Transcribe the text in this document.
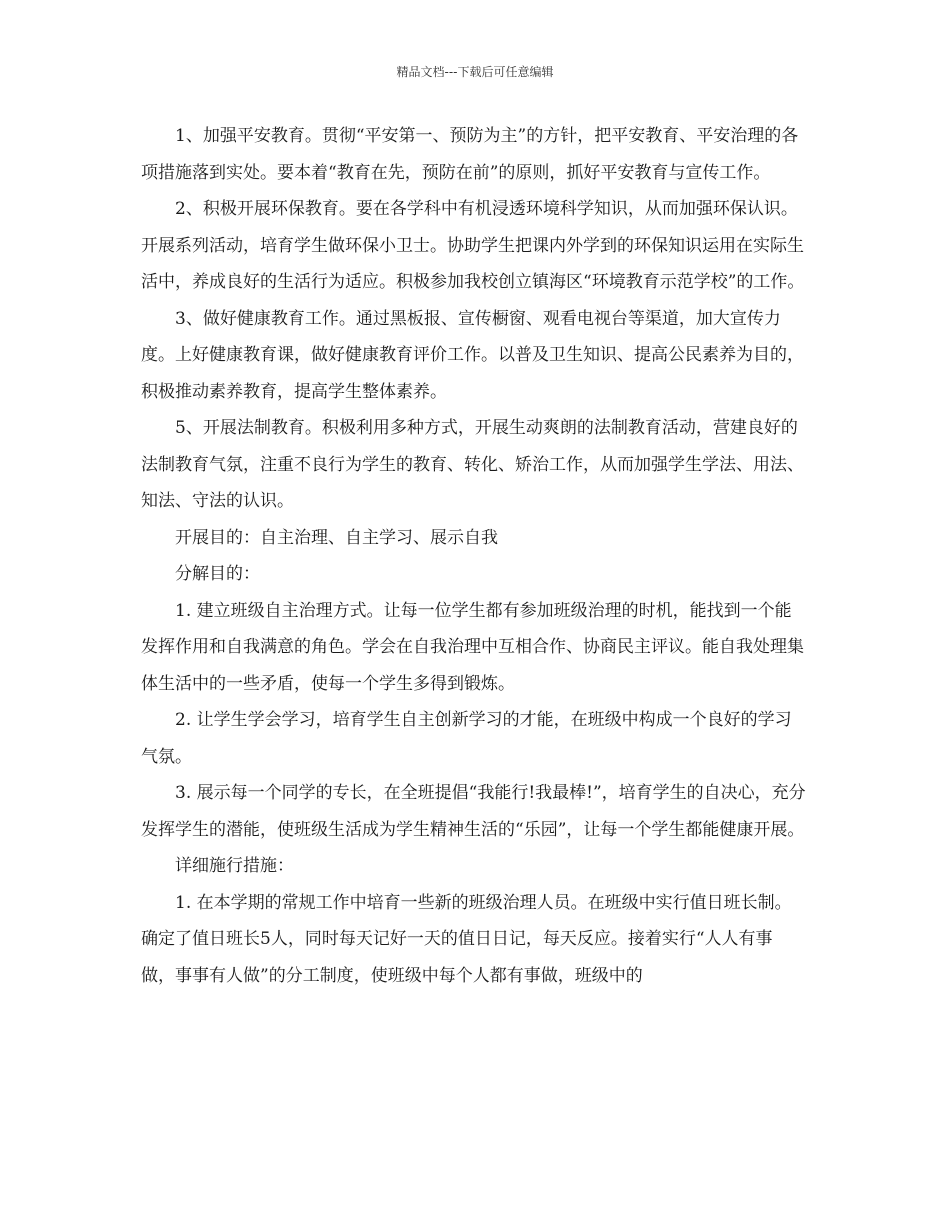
精品文档---下载后可任意编辑

1、加强平安教育。贯彻“平安第一、预防为主”的方针，把平安教育、平安治理的各项措施落到实处。要本着“教育在先，预防在前”的原则，抓好平安教育与宣传工作。

2、积极开展环保教育。要在各学科中有机浸透环境科学知识，从而加强环保认识。开展系列活动，培育学生做环保小卫士。协助学生把课内外学到的环保知识运用在实际生活中，养成良好的生活行为适应。积极参加我校创立镇海区“环境教育示范学校”的工作。

3、做好健康教育工作。通过黑板报、宣传橱窗、观看电视台等渠道，加大宣传力度。上好健康教育课，做好健康教育评价工作。以普及卫生知识、提高公民素养为目的，积极推动素养教育，提高学生整体素养。

5、开展法制教育。积极利用多种方式，开展生动爽朗的法制教育活动，营建良好的法制教育气氛，注重不良行为学生的教育、转化、矫治工作，从而加强学生学法、用法、知法、守法的认识。

开展目的：自主治理、自主学习、展示自我

分解目的：

1. 建立班级自主治理方式。让每一位学生都有参加班级治理的时机，能找到一个能发挥作用和自我满意的角色。学会在自我治理中互相合作、协商民主评议。能自我处理集体生活中的一些矛盾，使每一个学生多得到锻炼。

2. 让学生学会学习，培育学生自主创新学习的才能，在班级中构成一个良好的学习气氛。

3. 展示每一个同学的专长，在全班提倡“我能行!我最棒!”，培育学生的自决心，充分发挥学生的潜能，使班级生活成为学生精神生活的“乐园”，让每一个学生都能健康开展。

详细施行措施：

1. 在本学期的常规工作中培育一些新的班级治理人员。在班级中实行值日班长制。确定了值日班长5人，同时每天记好一天的值日日记，每天反应。接着实行“人人有事做，事事有人做”的分工制度，使班级中每个人都有事做，班级中的
